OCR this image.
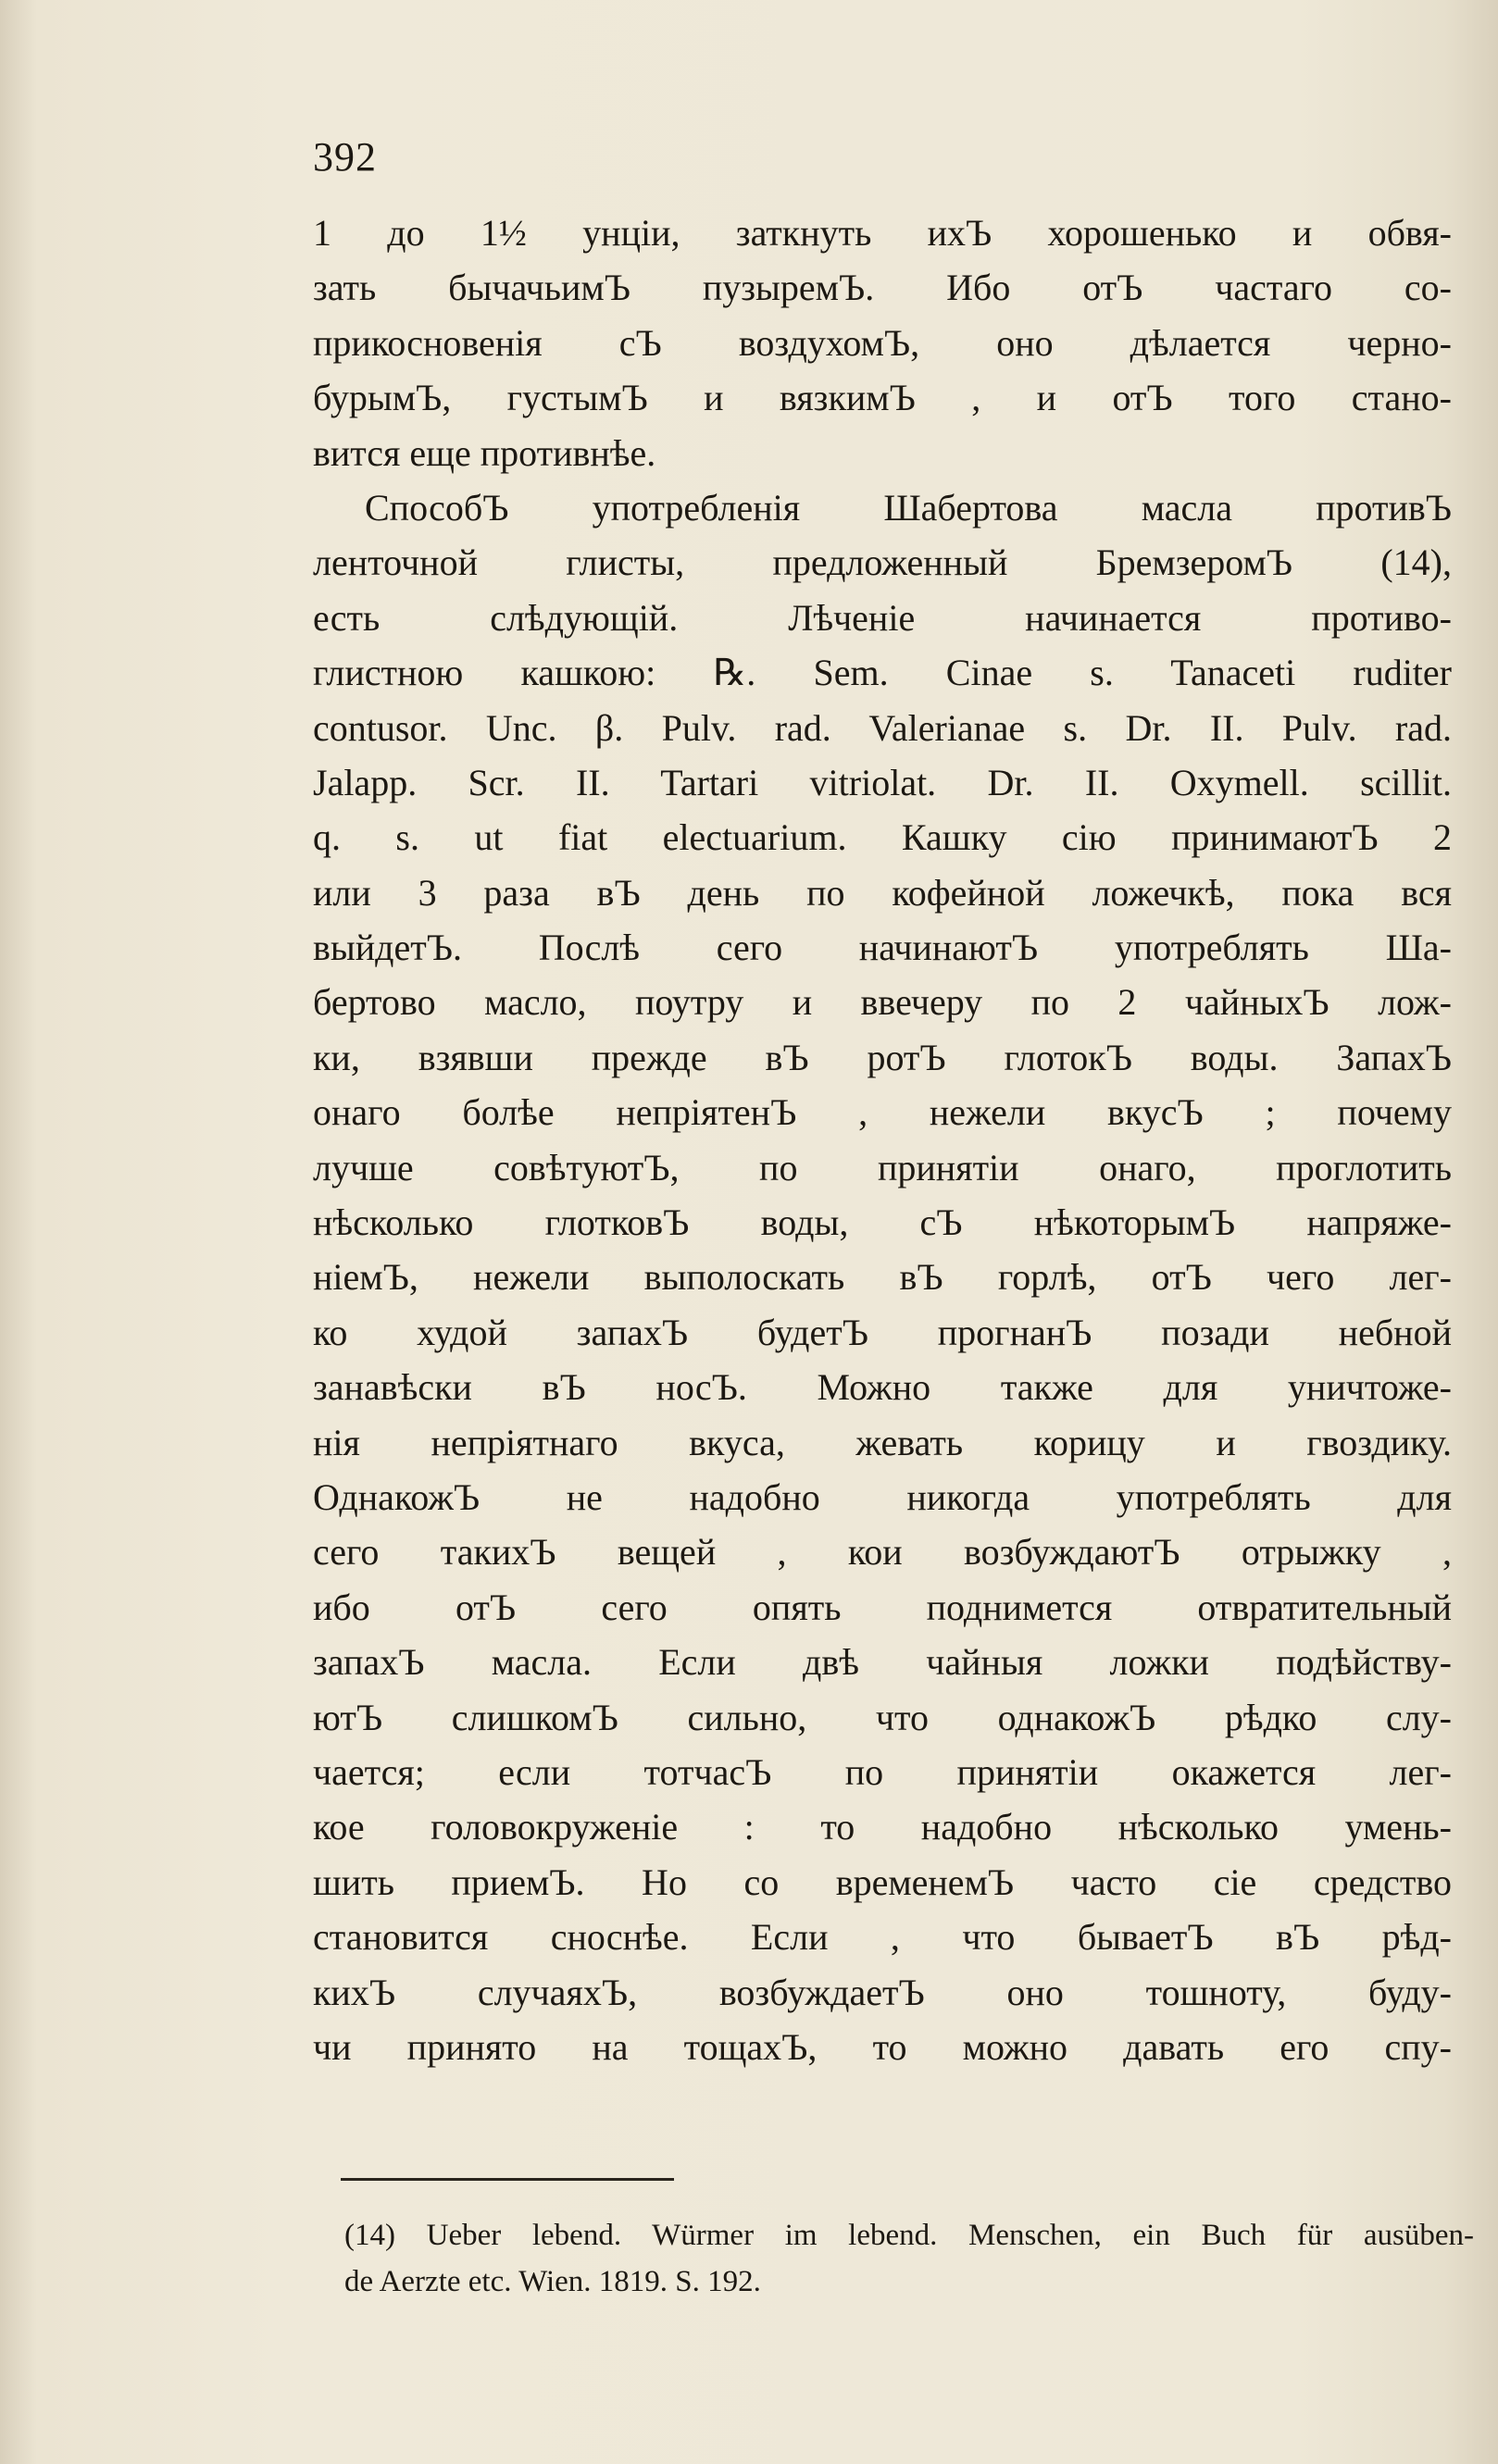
392
1 до 1½ унціи, заткнуть ихЪ хорошенько и обвя-
зать бычачьимЪ пузыремЪ. Ибо отЪ частаго со-
прикосновенія сЪ воздухомЪ, оно дѣлается черно-
бурымЪ, густымЪ и вязкимЪ , и отЪ того стано-
вится еще противнѣе.
СпособЪ употребленія Шабертова масла противЪ
ленточной глисты, предложенный БремзеромЪ (14),
есть слѣдующій. Лѣченіе начинается противо-
глистною кашкою: ℞. Sem. Cinae s. Tanaceti ruditer
contusor. Unc. β. Pulv. rad. Valerianae s. Dr. II. Pulv. rad.
Jalapp. Scr. II. Tartari vitriolat. Dr. II. Oxymell. scillit.
q. s. ut fiat electuarium. Кашку сію принимаютЪ 2
или 3 раза вЪ день по кофейной ложечкѣ, пока вся
выйдетЪ. Послѣ сего начинаютЪ употреблять Ша-
бертово масло, поутру и ввечеру по 2 чайныхЪ лож-
ки, взявши прежде вЪ ротЪ глотокЪ воды. ЗапахЪ
онаго болѣе непріятенЪ , нежели вкусЪ ; почему
лучше совѣтуютЪ, по принятіи онаго, проглотить
нѣсколько глотковЪ воды, сЪ нѣкоторымЪ напряже-
ніемЪ, нежели выполоскать вЪ горлѣ, отЪ чего лег-
ко худой запахЪ будетЪ прогнанЪ позади небной
занавѣски вЪ носЪ. Можно также для уничтоже-
нія непріятнаго вкуса, жевать корицу и гвоздику.
ОднакожЪ не надобно никогда употреблять для
сего такихЪ вещей , кои возбуждаютЪ отрыжку ,
ибо отЪ сего опять поднимется отвратительный
запахЪ масла. Если двѣ чайныя ложки подѣйству-
ютЪ слишкомЪ сильно, что однакожЪ рѣдко слу-
чается; если тотчасЪ по принятіи окажется лег-
кое головокруженіе : то надобно нѣсколько умень-
шить приемЪ. Но со временемЪ часто сіе средство
становится сноснѣе. Если , что бываетЪ вЪ рѣд-
кихЪ случаяхЪ, возбуждаетЪ оно тошноту, буду-
чи принято на тощахЪ, то можно давать его спу-
(14) Ueber lebend. Würmer im lebend. Menschen, ein Buch für ausüben-
de Aerzte etc. Wien. 1819. S. 192.
